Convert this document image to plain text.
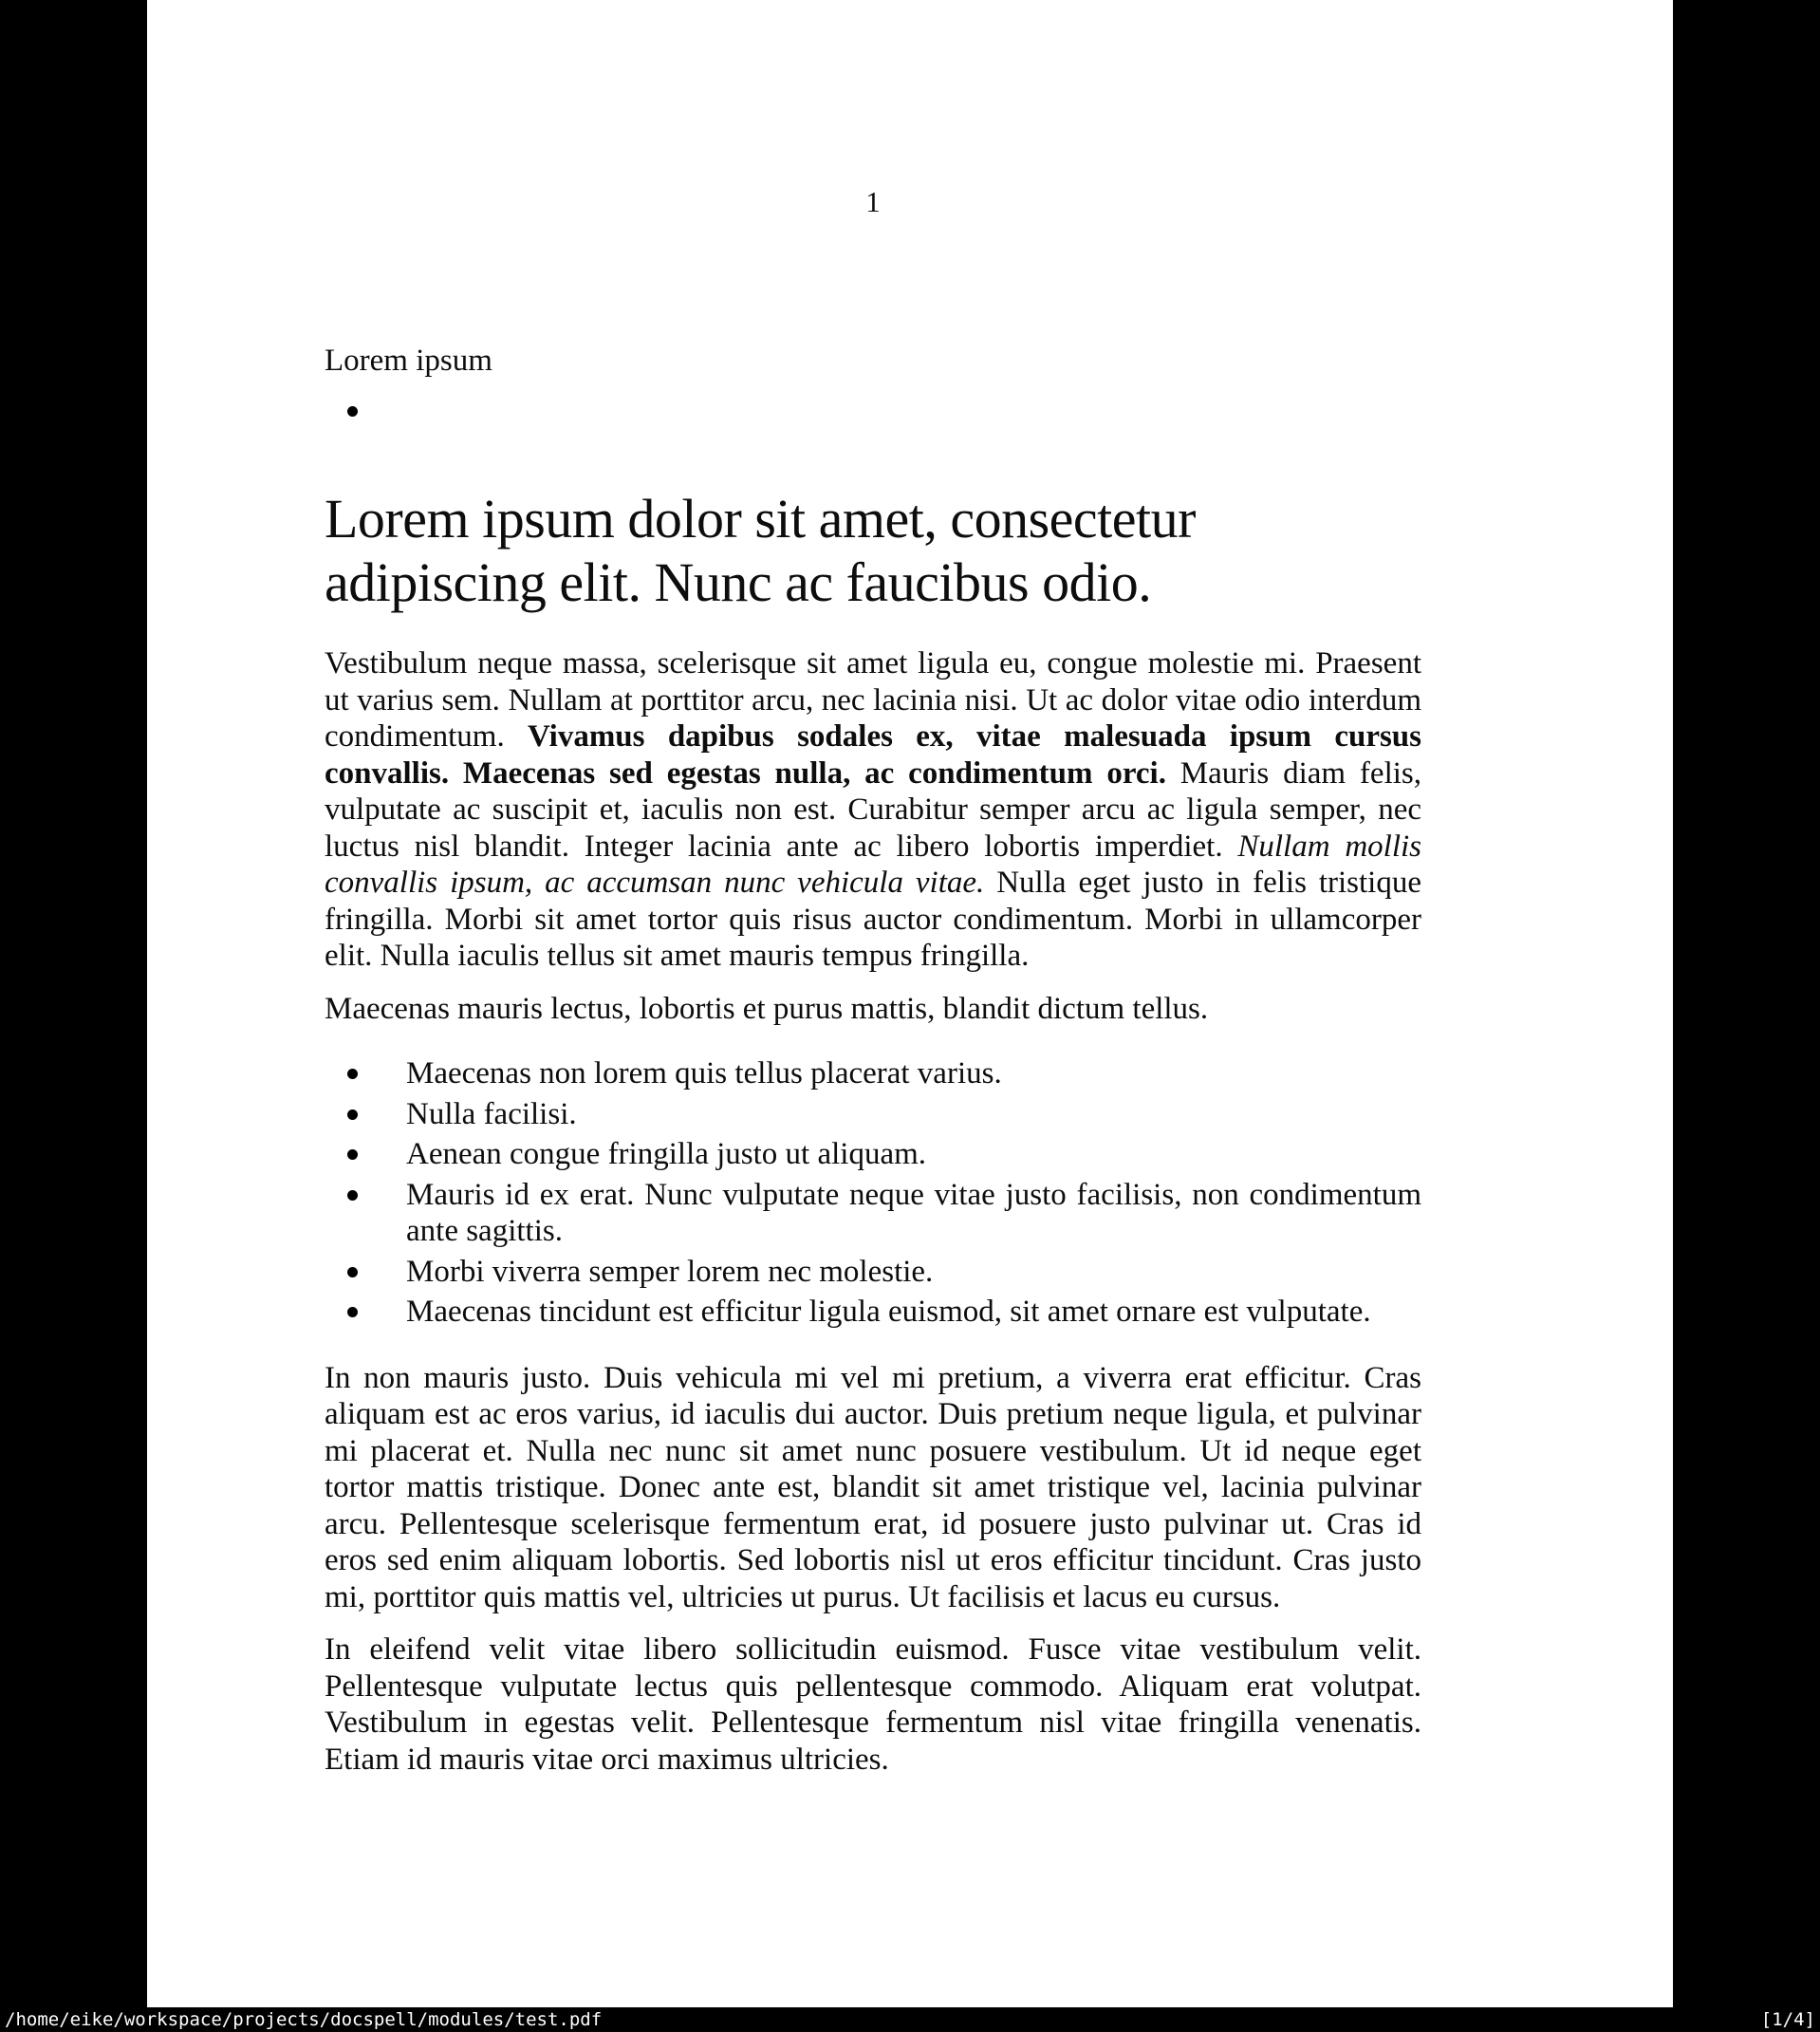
1
Lorem ipsum
Lorem ipsum dolor sit amet, consectetur adipiscing elit. Nunc ac faucibus odio.

Vestibulum neque massa, scelerisque sit amet ligula eu, congue molestie mi. Praesent ut varius sem. Nullam at porttitor arcu, nec lacinia nisi. Ut ac dolor vitae odio interdum condimentum. Vivamus dapibus sodales ex, vitae malesuada ipsum cursus convallis. Maecenas sed egestas nulla, ac condimentum orci. Mauris diam felis, vulputate ac suscipit et, iaculis non est. Curabitur semper arcu ac ligula semper, nec luctus nisl blandit. Integer lacinia ante ac libero lobortis imperdiet. Nullam mollis convallis ipsum, ac accumsan nunc vehicula vitae. Nulla eget justo in felis tristique fringilla. Morbi sit amet tortor quis risus auctor condimentum. Morbi in ullamcorper elit. Nulla iaculis tellus sit amet mauris tempus fringilla.

Maecenas mauris lectus, lobortis et purus mattis, blandit dictum tellus.

Maecenas non lorem quis tellus placerat varius.
Nulla facilisi.
Aenean congue fringilla justo ut aliquam.
Mauris id ex erat. Nunc vulputate neque vitae justo facilisis, non condimentum ante sagittis.
Morbi viverra semper lorem nec molestie.
Maecenas tincidunt est efficitur ligula euismod, sit amet ornare est vulputate.

In non mauris justo. Duis vehicula mi vel mi pretium, a viverra erat efficitur. Cras aliquam est ac eros varius, id iaculis dui auctor. Duis pretium neque ligula, et pulvinar mi placerat et. Nulla nec nunc sit amet nunc posuere vestibulum. Ut id neque eget tortor mattis tristique. Donec ante est, blandit sit amet tristique vel, lacinia pulvinar arcu. Pellentesque scelerisque fermentum erat, id posuere justo pulvinar ut. Cras id eros sed enim aliquam lobortis. Sed lobortis nisl ut eros efficitur tincidunt. Cras justo mi, porttitor quis mattis vel, ultricies ut purus. Ut facilisis et lacus eu cursus.

In eleifend velit vitae libero sollicitudin euismod. Fusce vitae vestibulum velit. Pellentesque vulputate lectus quis pellentesque commodo. Aliquam erat volutpat. Vestibulum in egestas velit. Pellentesque fermentum nisl vitae fringilla venenatis. Etiam id mauris vitae orci maximus ultricies.

/home/eike/workspace/projects/docspell/modules/test.pdf	[1/4]
